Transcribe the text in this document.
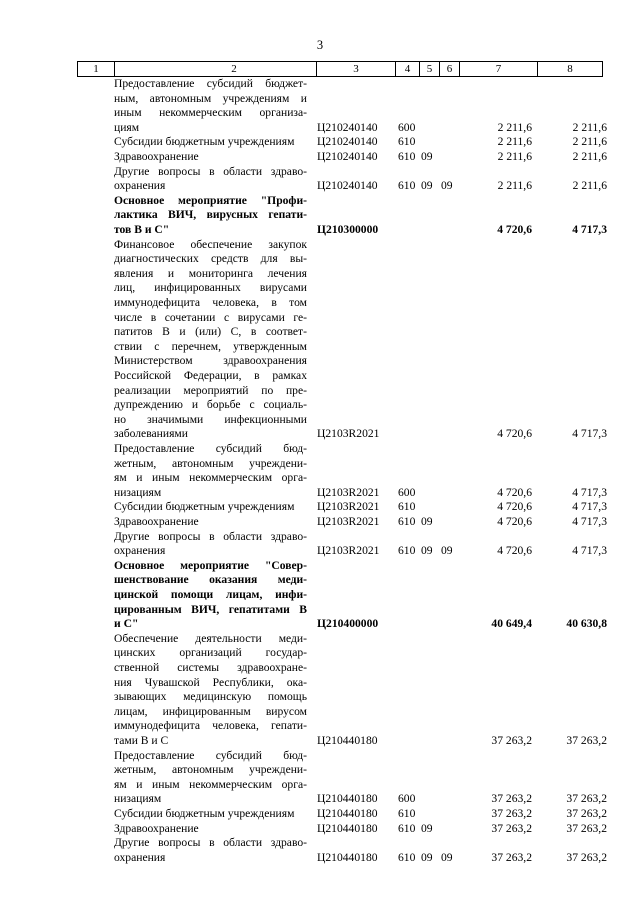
3
1	2	3	4	5	6	7	8
Предоставление субсидий бюджет-
ным, автономным учреждениям и
иным некоммерческим организа-
циям	Ц210240140 600	2 211,6	2 211,6
Субсидии бюджетным учреждениям	Ц210240140 610	2 211,6	2 211,6
Здравоохранение	Ц210240140 610 09	2 211,6	2 211,6
Другие вопросы в области здраво-
охранения	Ц210240140 610 09 09	2 211,6	2 211,6
Основное мероприятие "Профи-
лактика ВИЧ, вирусных гепати-
тов В и С"	Ц210300000	4 720,6	4 717,3
Финансовое обеспечение закупок
диагностических средств для вы-
явления и мониторинга лечения
лиц, инфицированных вирусами
иммунодефицита человека, в том
числе в сочетании с вирусами ге-
патитов В и (или) С, в соответ-
ствии с перечнем, утвержденным
Министерством здравоохранения
Российской Федерации, в рамках
реализации мероприятий по пре-
дупреждению и борьбе с социаль-
но значимыми инфекционными
заболеваниями	Ц2103R2021	4 720,6	4 717,3
Предоставление субсидий бюд-
жетным, автономным учреждени-
ям и иным некоммерческим орга-
низациям	Ц2103R2021 600	4 720,6	4 717,3
Субсидии бюджетным учреждениям	Ц2103R2021 610	4 720,6	4 717,3
Здравоохранение	Ц2103R2021 610 09	4 720,6	4 717,3
Другие вопросы в области здраво-
охранения	Ц2103R2021 610 09 09	4 720,6	4 717,3
Основное мероприятие "Совер-
шенствование оказания меди-
цинской помощи лицам, инфи-
цированным ВИЧ, гепатитами В
и С"	Ц210400000	40 649,4	40 630,8
Обеспечение деятельности меди-
цинских организаций государ-
ственной системы здравоохране-
ния Чувашской Республики, ока-
зывающих медицинскую помощь
лицам, инфицированным вирусом
иммунодефицита человека, гепати-
тами В и С	Ц210440180	37 263,2	37 263,2
Предоставление субсидий бюд-
жетным, автономным учреждени-
ям и иным некоммерческим орга-
низациям	Ц210440180 600	37 263,2	37 263,2
Субсидии бюджетным учреждениям	Ц210440180 610	37 263,2	37 263,2
Здравоохранение	Ц210440180 610 09	37 263,2	37 263,2
Другие вопросы в области здраво-
охранения	Ц210440180 610 09 09	37 263,2	37 263,2
